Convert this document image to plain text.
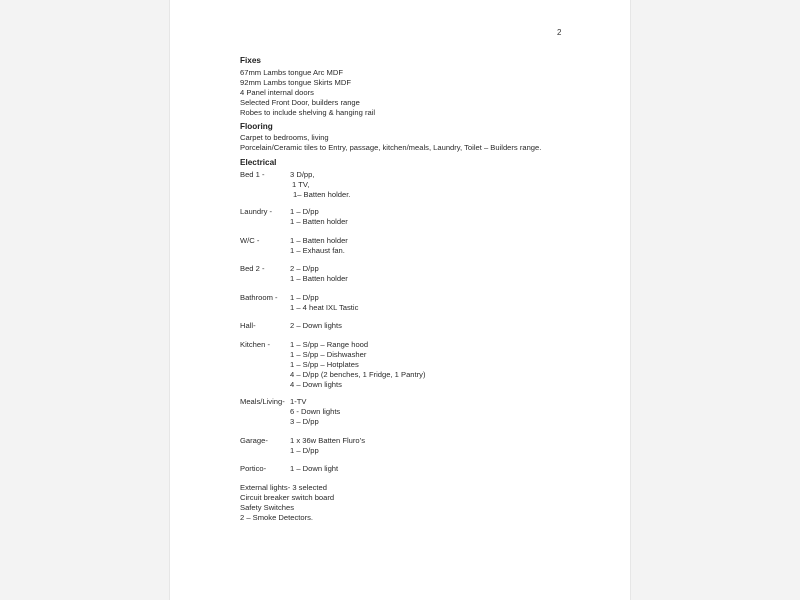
2
Fixes
67mm Lambs tongue Arc MDF
92mm Lambs tongue Skirts MDF
4 Panel internal doors
Selected Front Door, builders range
Robes to include shelving & hanging rail
Flooring
Carpet to bedrooms, living
Porcelain/Ceramic tiles to Entry, passage, kitchen/meals, Laundry, Toilet – Builders range.
Electrical
Bed 1 -	3 D/pp,
1 TV,
1– Batten holder.
Laundry - 1 – D/pp
1 – Batten holder
W/C -	1 – Batten holder
1 – Exhaust fan.
Bed 2 -	2 – D/pp
1 – Batten holder
Bathroom - 1 – D/pp
1 – 4 heat IXL Tastic
Hall-	2 – Down lights
Kitchen -	1 – S/pp – Range hood
1 – S/pp – Dishwasher
1 – S/pp – Hotplates
4 – D/pp (2 benches, 1 Fridge, 1 Pantry)
4 – Down lights
Meals/Living- 1-TV
6 - Down lights
3 – D/pp
Garage-	1 x 36w Batten Fluro’s
1 – D/pp
Portico-	1 – Down light
External lights- 3 selected
Circuit breaker switch board
Safety Switches
2 – Smoke Detectors.
